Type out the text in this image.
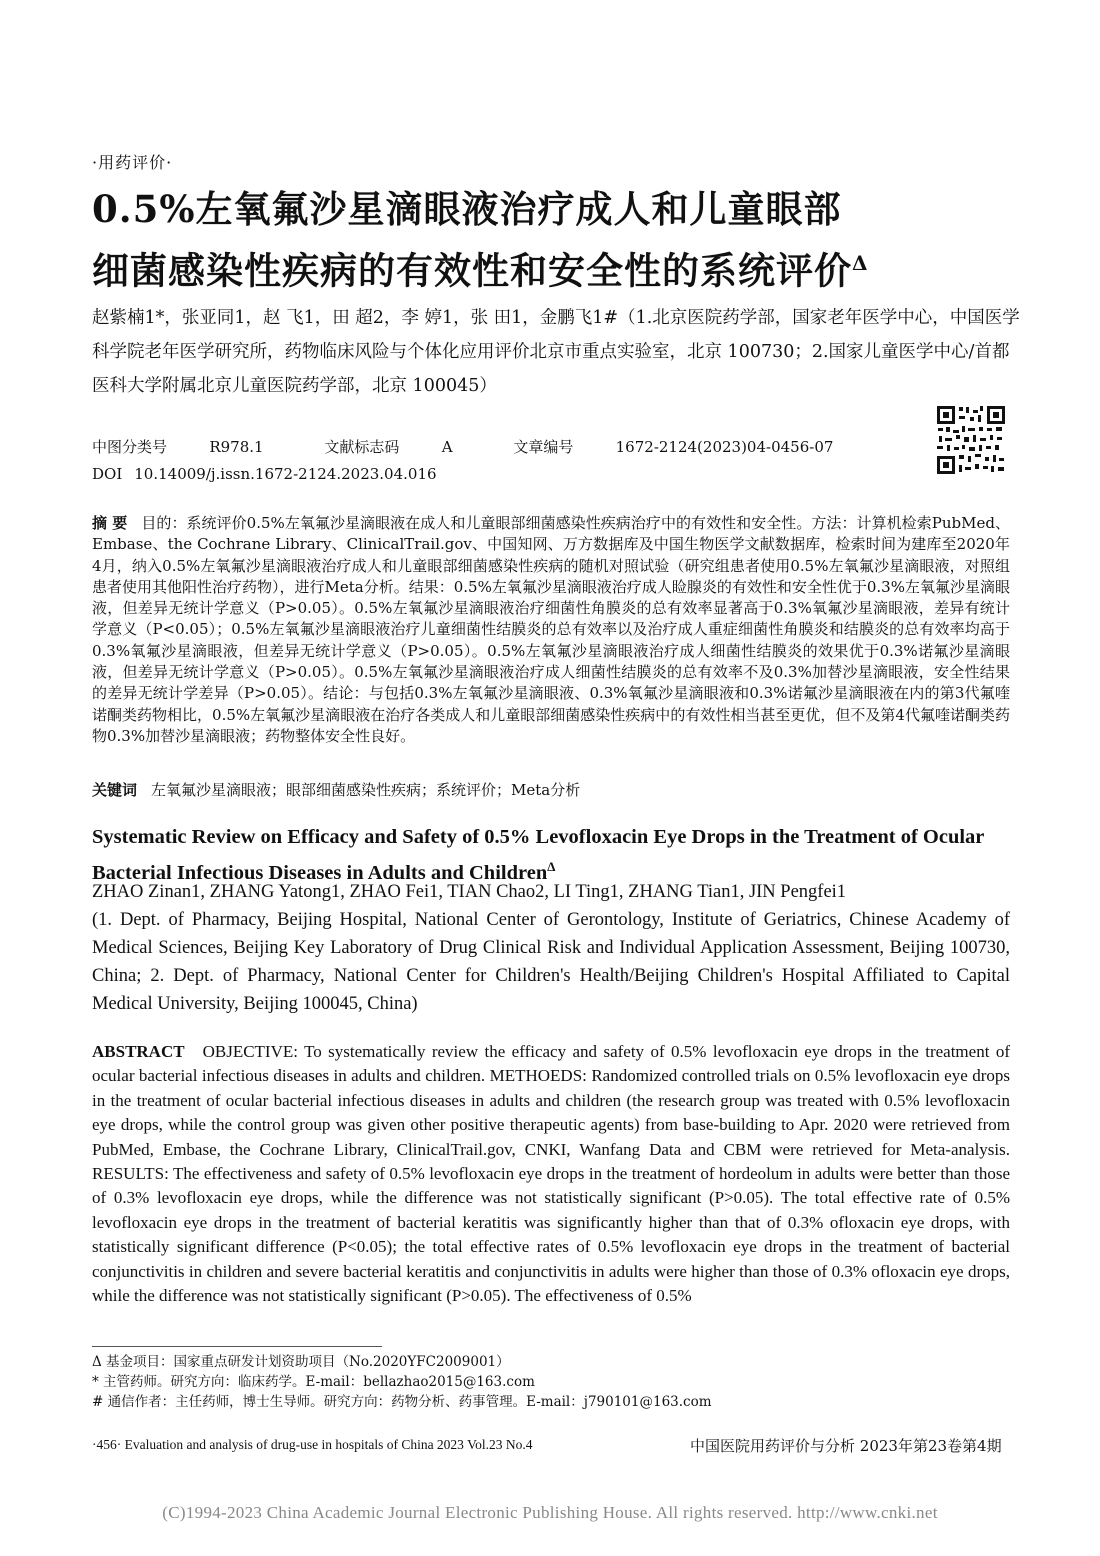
·用药评价·
0.5%左氧氟沙星滴眼液治疗成人和儿童眼部
细菌感染性疾病的有效性和安全性的系统评价$^\Delta$
赵紫楠1*，张亚同1，赵 飞1，田 超2，李 婷1，张 田1，金鹏飞1#（1.北京医院药学部，国家老年医学中心，中国医学科学院老年医学研究所，药物临床风险与个体化应用评价北京市重点实验室，北京 100730；2.国家儿童医学中心/首都医科大学附属北京儿童医院药学部，北京 100045）
中图分类号	R978.1	文献标志码	A	文章编号	1672-2124(2023)04-0456-07
DOI 10.14009/j.issn.1672-2124.2023.04.016
摘 要 目的：系统评价0.5%左氧氟沙星滴眼液在成人和儿童眼部细菌感染性疾病治疗中的有效性和安全性。方法：计算机检索PubMed、Embase、the Cochrane Library、ClinicalTrail.gov、中国知网、万方数据库及中国生物医学文献数据库，检索时间为建库至2020年4月，纳入0.5%左氧氟沙星滴眼液治疗成人和儿童眼部细菌感染性疾病的随机对照试验（研究组患者使用0.5%左氧氟沙星滴眼液，对照组患者使用其他阳性治疗药物），进行Meta分析。结果：0.5%左氧氟沙星滴眼液治疗成人睑腺炎的有效性和安全性优于0.3%左氧氟沙星滴眼液，但差异无统计学意义（P>0.05）。0.5%左氧氟沙星滴眼液治疗细菌性角膜炎的总有效率显著高于0.3%氧氟沙星滴眼液，差异有统计学意义（P<0.05）；0.5%左氧氟沙星滴眼液治疗儿童细菌性结膜炎的总有效率以及治疗成人重症细菌性角膜炎和结膜炎的总有效率均高于0.3%氧氟沙星滴眼液，但差异无统计学意义（P>0.05）。0.5%左氧氟沙星滴眼液治疗成人细菌性结膜炎的效果优于0.3%诺氟沙星滴眼液，但差异无统计学意义（P>0.05）。0.5%左氧氟沙星滴眼液治疗成人细菌性结膜炎的总有效率不及0.3%加替沙星滴眼液，安全性结果的差异无统计学差异（P>0.05）。结论：与包括0.3%左氧氟沙星滴眼液、0.3%氧氟沙星滴眼液和0.3%诺氟沙星滴眼液在内的第3代氟喹诺酮类药物相比，0.5%左氧氟沙星滴眼液在治疗各类成人和儿童眼部细菌感染性疾病中的有效性相当甚至更优，但不及第4代氟喹诺酮类药物0.3%加替沙星滴眼液；药物整体安全性良好。
关键词 左氧氟沙星滴眼液；眼部细菌感染性疾病；系统评价；Meta分析
Systematic Review on Efficacy and Safety of 0.5% Levofloxacin Eye Drops in the Treatment of Ocular Bacterial Infectious Diseases in Adults and Children$^\Delta$
ZHAO Zinan1, ZHANG Yatong1, ZHAO Fei1, TIAN Chao2, LI Ting1, ZHANG Tian1, JIN Pengfei1
(1. Dept. of Pharmacy, Beijing Hospital, National Center of Gerontology, Institute of Geriatrics, Chinese Academy of Medical Sciences, Beijing Key Laboratory of Drug Clinical Risk and Individual Application Assessment, Beijing 100730, China; 2. Dept. of Pharmacy, National Center for Children's Health/Beijing Children's Hospital Affiliated to Capital Medical University, Beijing 100045, China)
ABSTRACT OBJECTIVE: To systematically review the efficacy and safety of 0.5% levofloxacin eye drops in the treatment of ocular bacterial infectious diseases in adults and children. METHOEDS: Randomized controlled trials on 0.5% levofloxacin eye drops in the treatment of ocular bacterial infectious diseases in adults and children (the research group was treated with 0.5% levofloxacin eye drops, while the control group was given other positive therapeutic agents) from base-building to Apr. 2020 were retrieved from PubMed, Embase, the Cochrane Library, ClinicalTrail.gov, CNKI, Wanfang Data and CBM were retrieved for Meta-analysis. RESULTS: The effectiveness and safety of 0.5% levofloxacin eye drops in the treatment of hordeolum in adults were better than those of 0.3% levofloxacin eye drops, while the difference was not statistically significant (P>0.05). The total effective rate of 0.5% levofloxacin eye drops in the treatment of bacterial keratitis was significantly higher than that of 0.3% ofloxacin eye drops, with statistically significant difference (P<0.05); the total effective rates of 0.5% levofloxacin eye drops in the treatment of bacterial conjunctivitis in children and severe bacterial keratitis and conjunctivitis in adults were higher than those of 0.3% ofloxacin eye drops, while the difference was not statistically significant (P>0.05). The effectiveness of 0.5%
Δ 基金项目：国家重点研发计划资助项目（No.2020YFC2009001）
* 主管药师。研究方向：临床药学。E-mail：bellazhao2015@163.com
# 通信作者：主任药师，博士生导师。研究方向：药物分析、药事管理。E-mail：j790101@163.com
·456· Evaluation and analysis of drug-use in hospitals of China 2023 Vol.23 No.4	中国医院用药评价与分析 2023年第23卷第4期
(C)1994-2023 China Academic Journal Electronic Publishing House. All rights reserved. http://www.cnki.net
